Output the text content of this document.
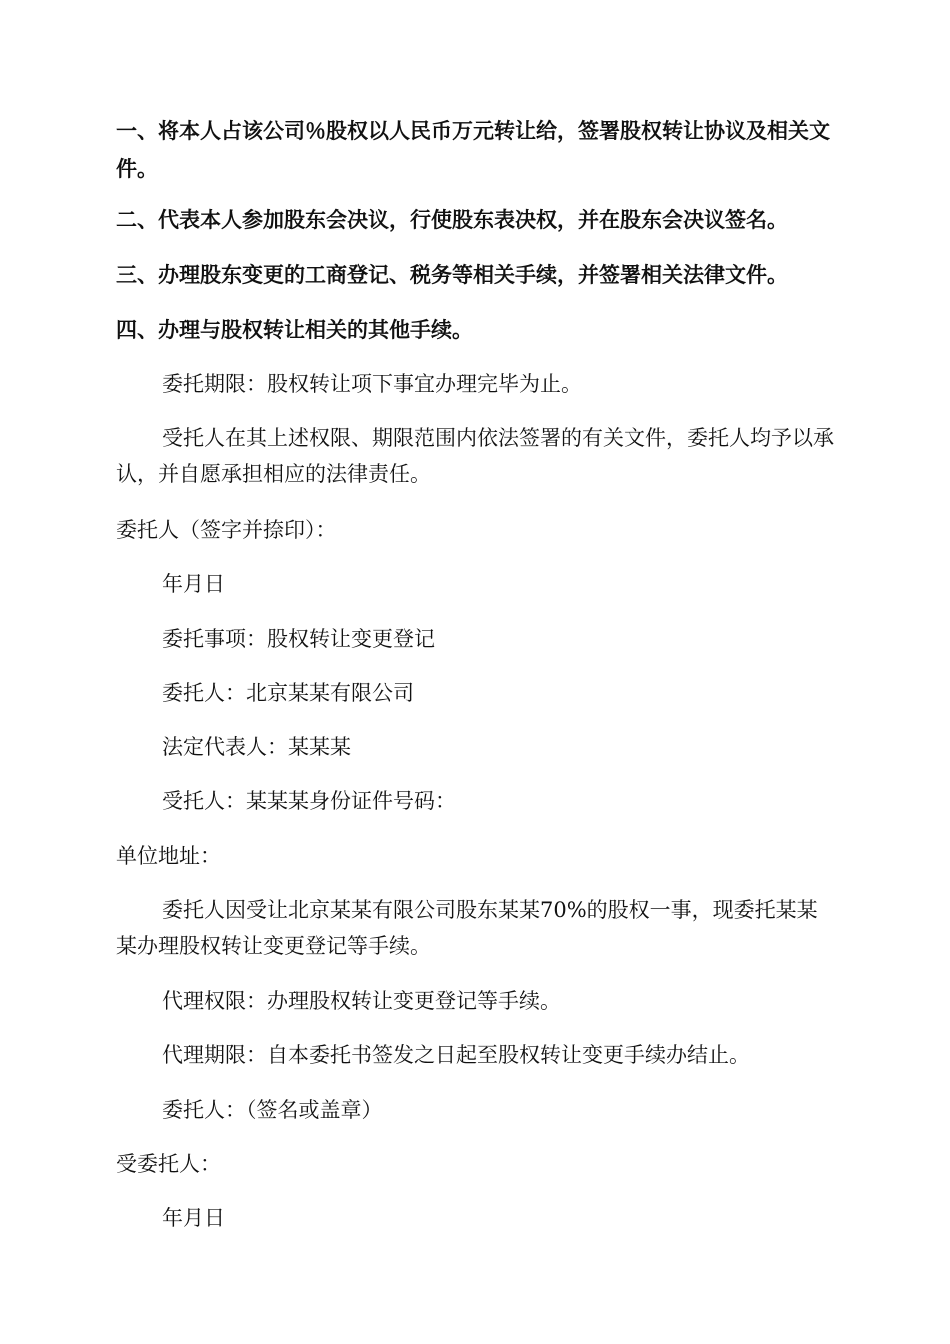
一、将本人占该公司％股权以人民币万元转让给，签署股权转让协议及相关文件。
二、代表本人参加股东会决议，行使股东表决权，并在股东会决议签名。
三、办理股东变更的工商登记、税务等相关手续，并签署相关法律文件。
四、办理与股权转让相关的其他手续。
委托期限：股权转让项下事宜办理完毕为止。
受托人在其上述权限、期限范围内依法签署的有关文件，委托人均予以承认，并自愿承担相应的法律责任。
委托人（签字并捺印）：
年月日
委托事项：股权转让变更登记
委托人：北京某某有限公司
法定代表人：某某某
受托人：某某某身份证件号码：
单位地址：
委托人因受让北京某某有限公司股东某某70%的股权一事，现委托某某某办理股权转让变更登记等手续。
代理权限：办理股权转让变更登记等手续。
代理期限：自本委托书签发之日起至股权转让变更手续办结止。
委托人：（签名或盖章）
受委托人：
年月日
